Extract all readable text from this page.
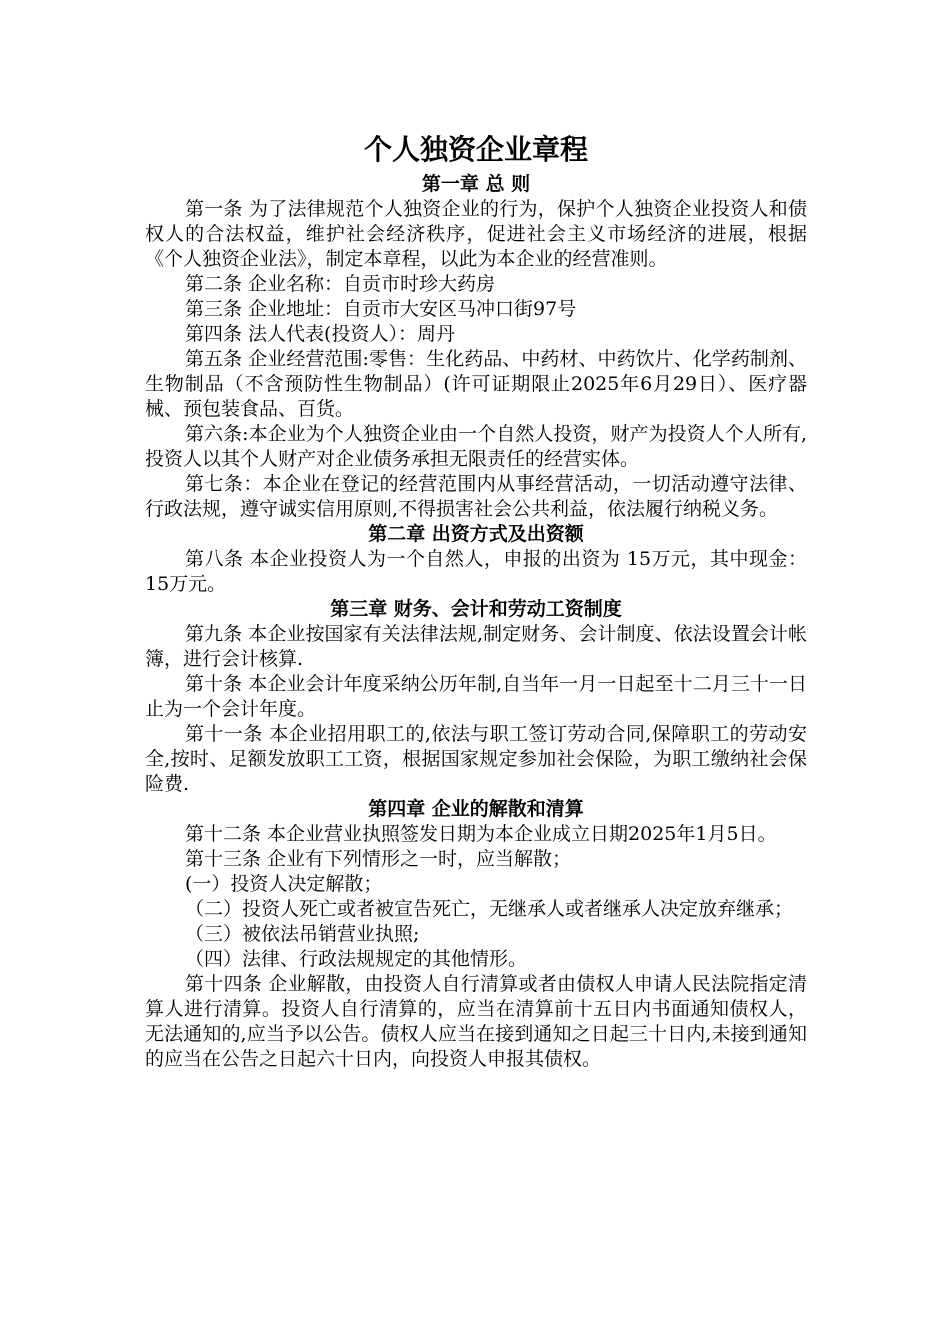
个人独资企业章程
第一章 总 则

第一条 为了法律规范个人独资企业的行为，保护个人独资企业投资人和债权人的合法权益，维护社会经济秩序，促进社会主义市场经济的进展，根据《个人独资企业法》，制定本章程，以此为本企业的经营准则。

第二条 企业名称：自贡市时珍大药房

第三条 企业地址：自贡市大安区马冲口街97号

第四条 法人代表(投资人）：周丹

第五条 企业经营范围:零售：生化药品、中药材、中药饮片、化学药制剂、生物制品（不含预防性生物制品）(许可证期限止2025年6月29日）、医疗器械、预包装食品、百货。

第六条:本企业为个人独资企业由一个自然人投资，财产为投资人个人所有,投资人以其个人财产对企业债务承担无限责任的经营实体。

第七条：本企业在登记的经营范围内从事经营活动，一切活动遵守法律、行政法规，遵守诚实信用原则,不得损害社会公共利益，依法履行纳税义务。

第二章 出资方式及出资额

第八条 本企业投资人为一个自然人，申报的出资为 15万元，其中现金： 15万元。

第三章 财务、会计和劳动工资制度

第九条 本企业按国家有关法律法规,制定财务、会计制度、依法设置会计帐簿，进行会计核算.

第十条 本企业会计年度采纳公历年制,自当年一月一日起至十二月三十一日止为一个会计年度。

第十一条 本企业招用职工的,依法与职工签订劳动合同,保障职工的劳动安全,按时、足额发放职工工资，根据国家规定参加社会保险，为职工缴纳社会保险费.

第四章 企业的解散和清算

第十二条 本企业营业执照签发日期为本企业成立日期2025年1月5日。

第十三条 企业有下列情形之一时，应当解散；

(一）投资人决定解散；

（二）投资人死亡或者被宣告死亡，无继承人或者继承人决定放弃继承；

（三）被依法吊销营业执照;

（四）法律、行政法规规定的其他情形。

第十四条 企业解散，由投资人自行清算或者由债权人申请人民法院指定清算人进行清算。投资人自行清算的，应当在清算前十五日内书面通知债权人，无法通知的,应当予以公告。债权人应当在接到通知之日起三十日内,未接到通知的应当在公告之日起六十日内，向投资人申报其债权。
